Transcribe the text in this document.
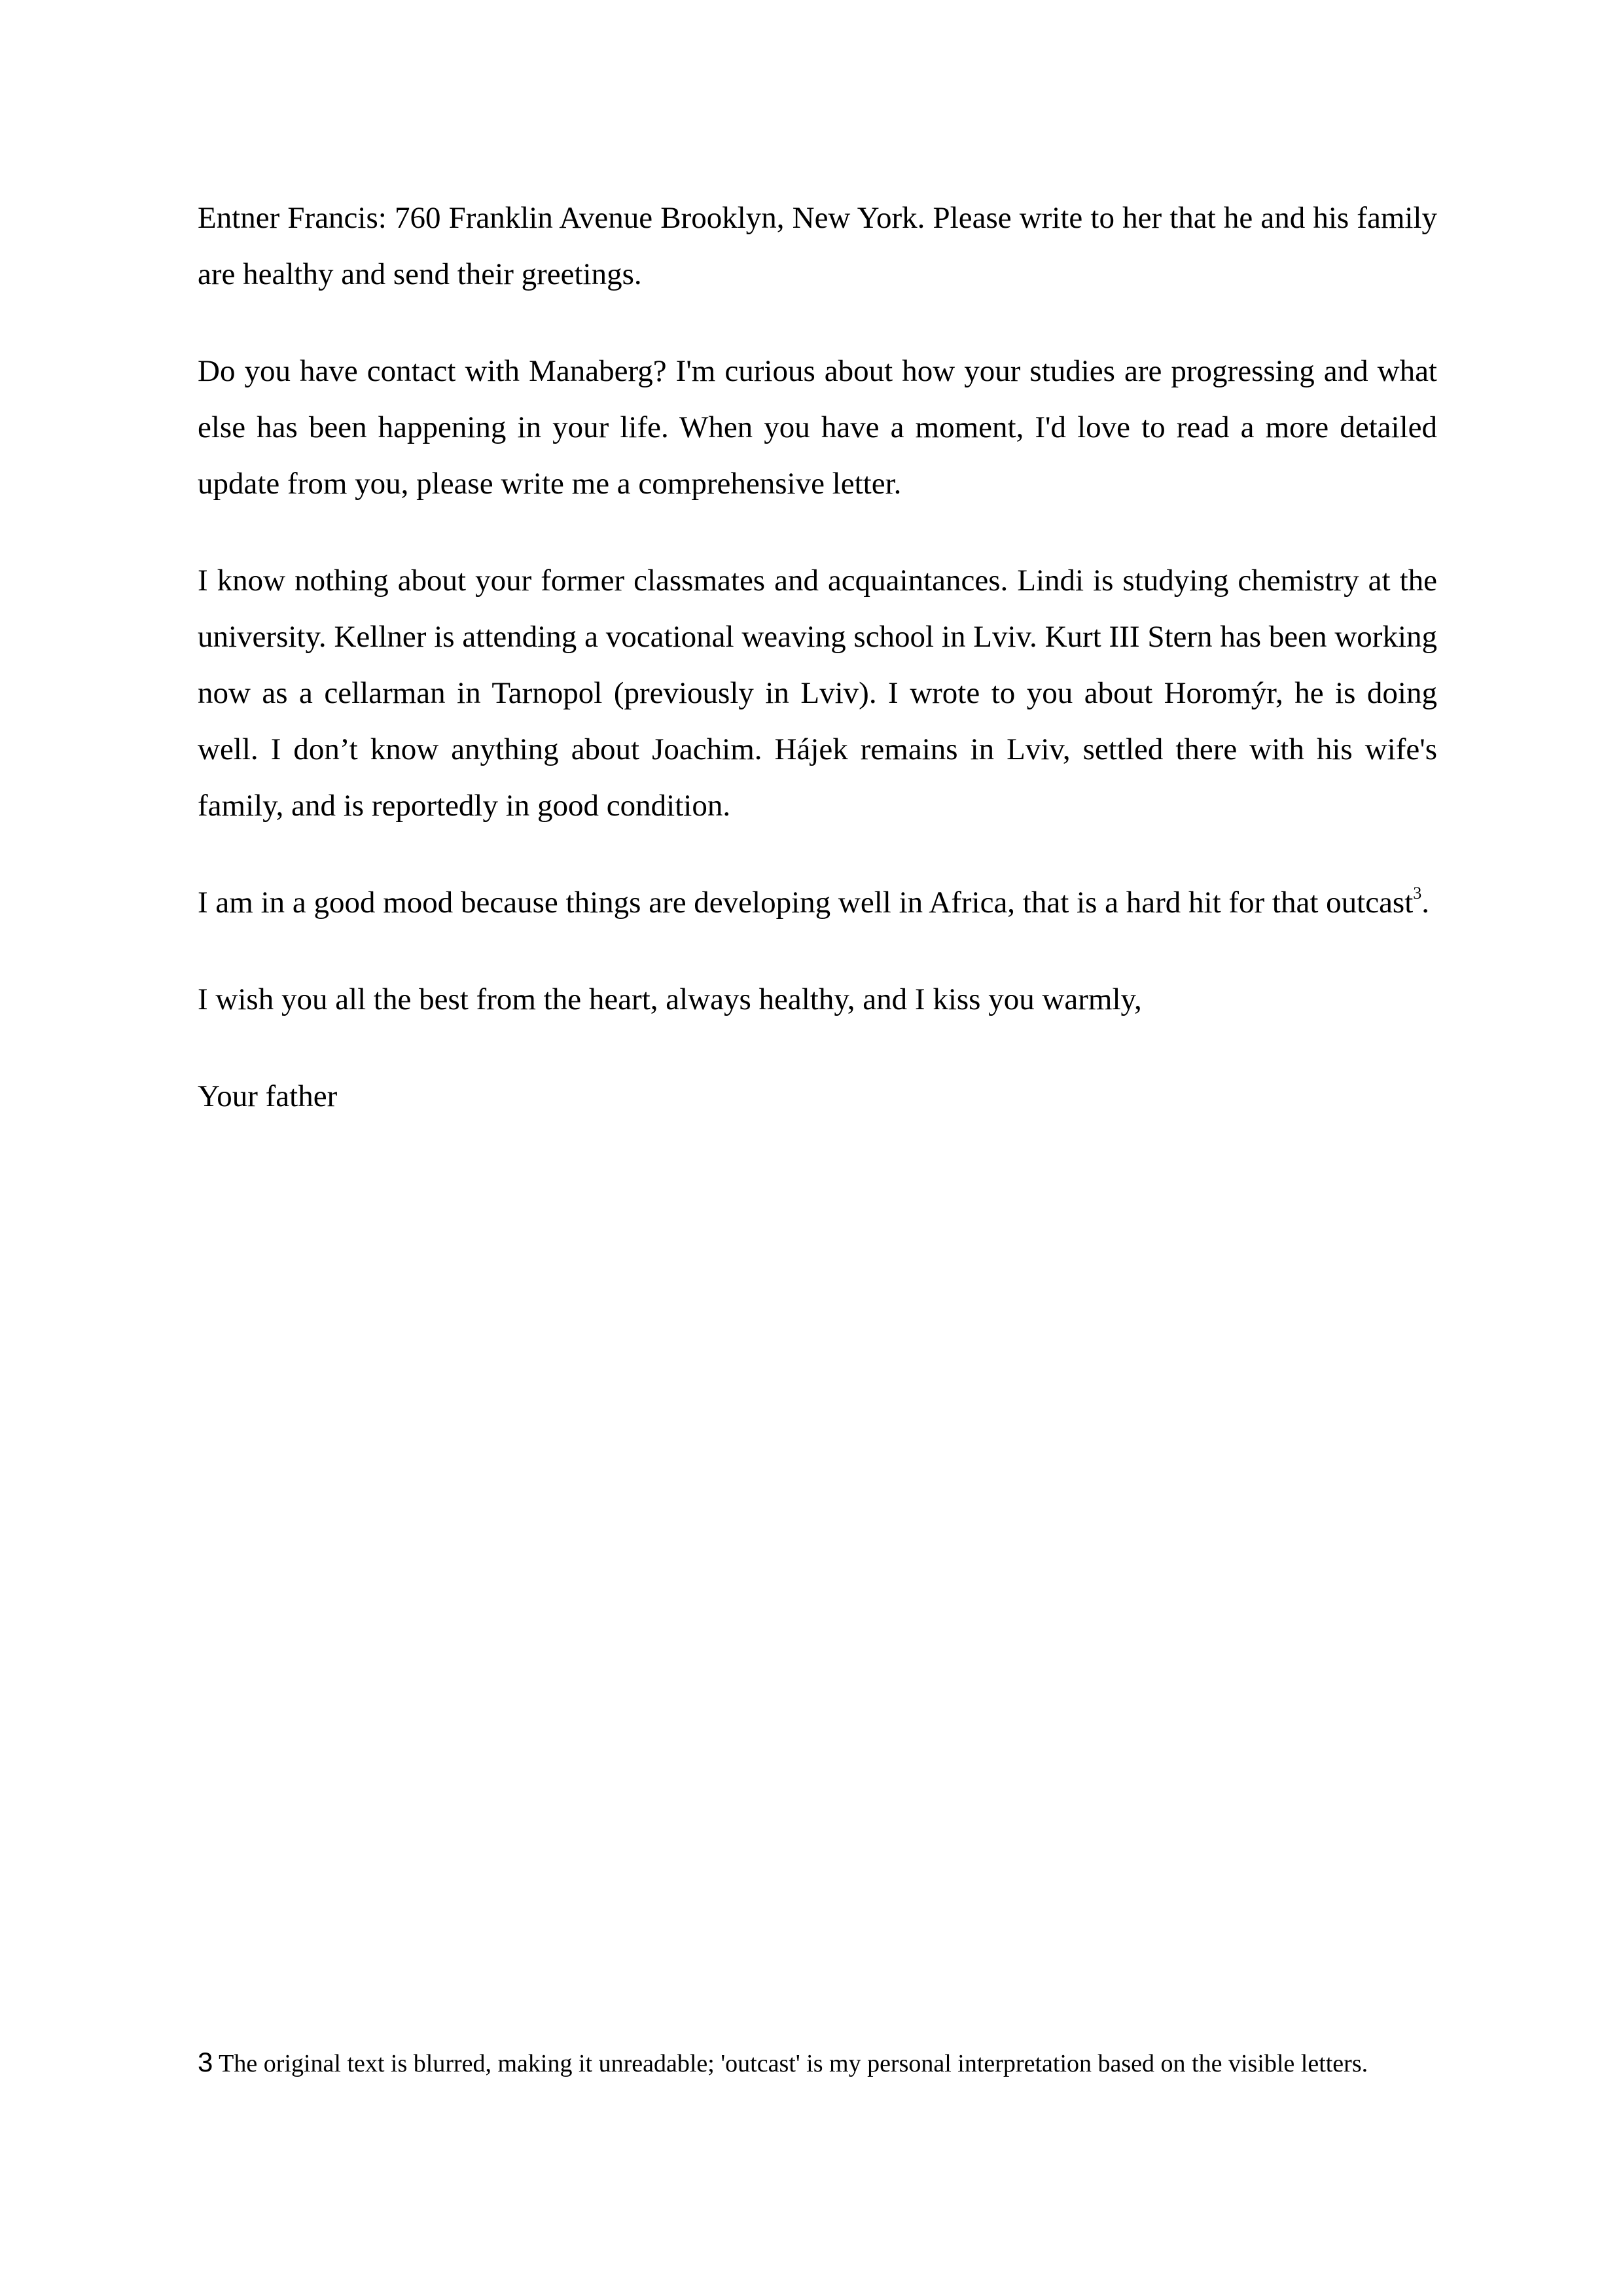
Entner Francis: 760 Franklin Avenue Brooklyn, New York. Please write to her that he and his family are healthy and send their greetings.

Do you have contact with Manaberg? I'm curious about how your studies are progressing and what else has been happening in your life. When you have a moment, I'd love to read a more detailed update from you, please write me a comprehensive letter.

I know nothing about your former classmates and acquaintances. Lindi is studying chemistry at the university. Kellner is attending a vocational weaving school in Lviv. Kurt III Stern has been working now as a cellarman in Tarnopol (previously in Lviv). I wrote to you about Horomýr, he is doing well. I don’t know anything about Joachim. Hájek remains in Lviv, settled there with his wife's family, and is reportedly in good condition.

I am in a good mood because things are developing well in Africa, that is a hard hit for that outcast$^3$.

I wish you all the best from the heart, always healthy, and I kiss you warmly,

Your father

3 The original text is blurred, making it unreadable; 'outcast' is my personal interpretation based on the visible letters.
